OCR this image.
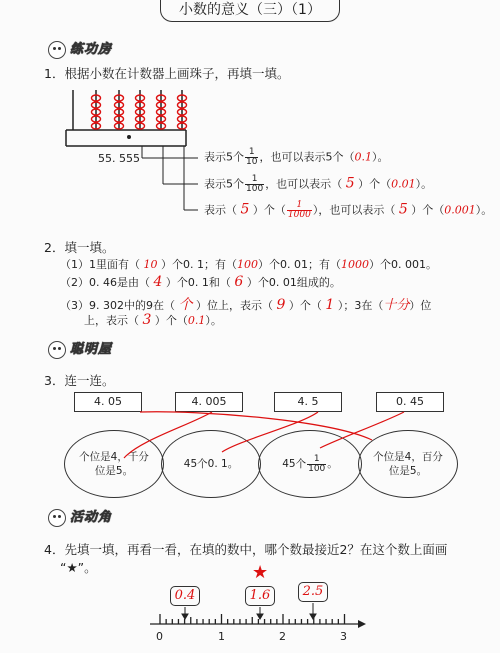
小数的意义（三）（1）
练功房
1．根据小数在计数器上画珠子，再填一填。
55. 555	表示5个 $\frac{1}{10}$ ，也可以表示5个（0.1）。
表示5个 $\frac{1}{100}$ ，也可以表示（ 5 ）个（0.01）。
表示（ 5 ）个（ $\frac{1}{1000}$ ），也可以表示（ 5 ）个（0.001）。
2．填一填。
（1）1里面有（ 10 ）个0. 1；有（100）个0. 01；有（1000）个0. 001。
（2）0. 46是由（ 4 ）个0. 1和（ 6 ）个0. 01组成的。
（3）9. 302中的9在（ 个 ）位上，表示（ 9 ）个（ 1 ）；3在（十分）位
上，表示（ 3 ）个（0.1）。
聪明屋
3．连一连。
4. 05	4. 005	4. 5	0. 45
个位是4，千分位是5。
45个0. 1。	45个 $\frac{1}{100}$ 。
个位是4，百分位是5。
活动角
4．先填一填，再看一看，在填的数中，哪个数最接近2？在这个数上面画
“★”。	★
0.4	1.6	2.5
0	1	2	3
